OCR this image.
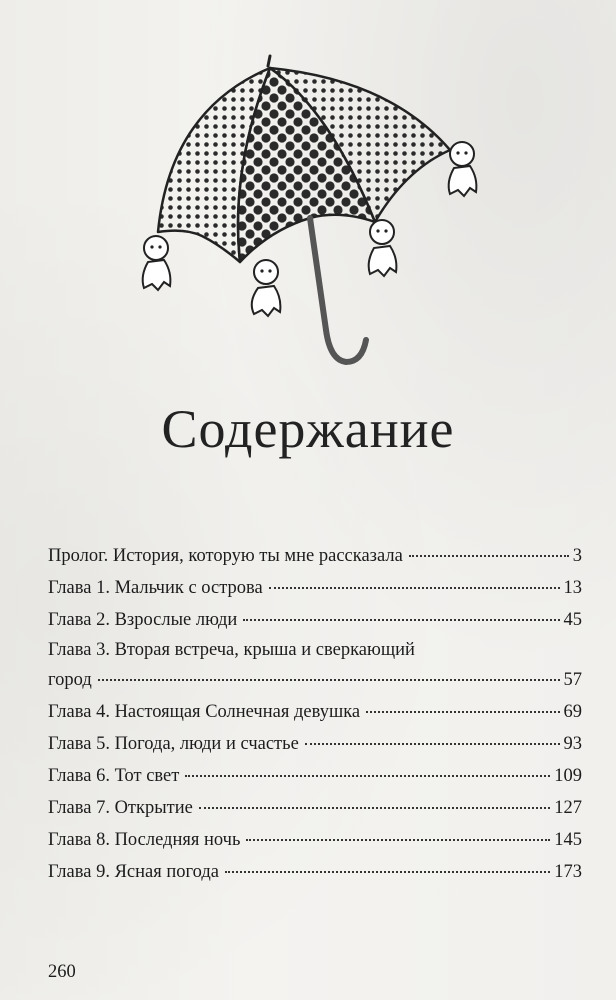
Содержание
Пролог. История, которую ты мне рассказала	3
Глава 1. Мальчик с острова	13
Глава 2. Взрослые люди	45
Глава 3. Вторая встреча, крыша и сверкающий
город	57
Глава 4. Настоящая Солнечная девушка	69
Глава 5. Погода, люди и счастье	93
Глава 6. Тот свет	109
Глава 7. Открытие	127
Глава 8. Последняя ночь	145
Глава 9. Ясная погода	173
260
